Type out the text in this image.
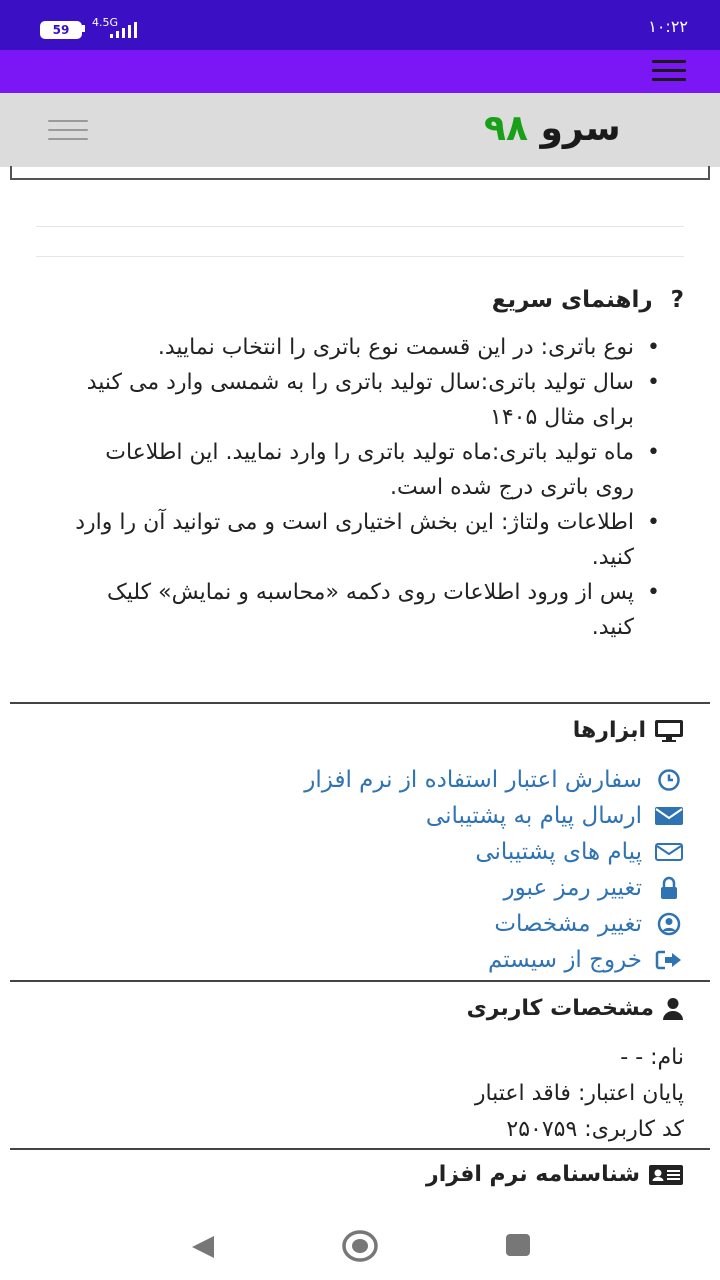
59
4.5G	۱۰:۲۲
سرو ۹۸
? راهنمای سریع
• نوع باتری: در این قسمت نوع باتری را انتخاب نمایید.
• سال تولید باتری:سال تولید باتری را به شمسی وارد می کنید برای مثال ۱۴۰۵
• ماه تولید باتری:ماه تولید باتری را وارد نمایید. این اطلاعات روی باتری درج شده است.
• اطلاعات ولتاژ: این بخش اختیاری است و می توانید آن را وارد کنید.
• پس از ورود اطلاعات روی دکمه «محاسبه و نمایش» کلیک کنید.
ابزارها
سفارش اعتبار استفاده از نرم افزار
ارسال پیام به پشتیبانی
پیام های پشتیبانی
تغییر رمز عبور
تغییر مشخصات
خروج از سیستم
مشخصات کاربری
نام: - -
پایان اعتبار: فاقد اعتبار
کد کاربری: ۲۵۰۷۵۹
شناسنامه نرم افزار
